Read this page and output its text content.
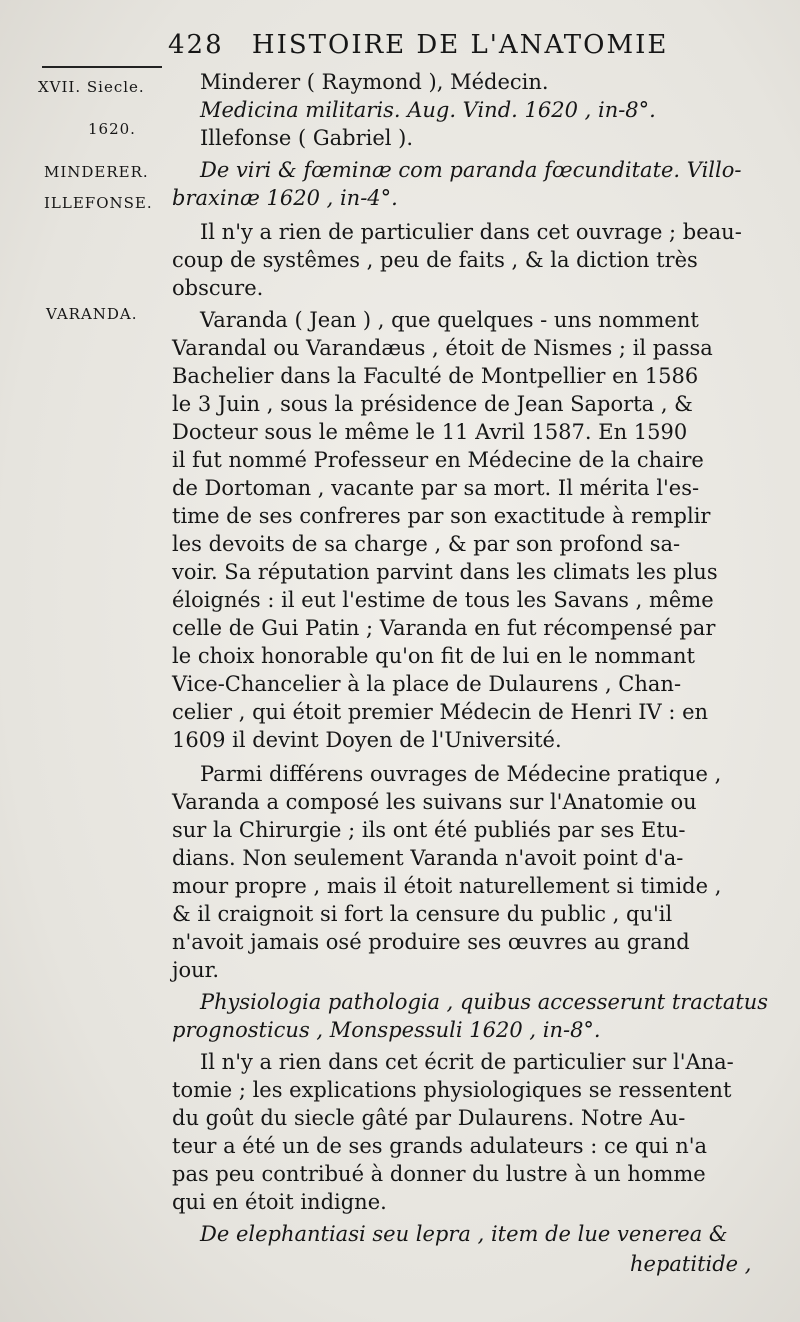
428 HISTOIRE DE L'ANATOMIE
XVII. Siecle.
1620.
MINDERER.
ILLEFONSE.
VARANDA.
Minderer ( Raymond ), Médecin.
Medicina militaris. Aug. Vind. 1620 , in-8°.
Illefonse ( Gabriel ).
De viri & fœminæ com paranda fœcunditate. Villo-
braxinæ 1620 , in-4°.
Il n'y a rien de particulier dans cet ouvrage ; beau-
coup de systêmes , peu de faits , & la diction très
obscure.
Varanda ( Jean ) , que quelques - uns nomment
Varandal ou Varandæus , étoit de Nismes ; il passa
Bachelier dans la Faculté de Montpellier en 1586
le 3 Juin , sous la présidence de Jean Saporta , &
Docteur sous le même le 11 Avril 1587. En 1590
il fut nommé Professeur en Médecine de la chaire
de Dortoman , vacante par sa mort. Il mérita l'es-
time de ses confreres par son exactitude à remplir
les devoits de sa charge , & par son profond sa-
voir. Sa réputation parvint dans les climats les plus
éloignés : il eut l'estime de tous les Savans , même
celle de Gui Patin ; Varanda en fut récompensé par
le choix honorable qu'on fit de lui en le nommant
Vice-Chancelier à la place de Dulaurens , Chan-
celier , qui étoit premier Médecin de Henri IV : en
1609 il devint Doyen de l'Université.
Parmi différens ouvrages de Médecine pratique ,
Varanda a composé les suivans sur l'Anatomie ou
sur la Chirurgie ; ils ont été publiés par ses Etu-
dians. Non seulement Varanda n'avoit point d'a-
mour propre , mais il étoit naturellement si timide ,
& il craignoit si fort la censure du public , qu'il
n'avoit jamais osé produire ses œuvres au grand
jour.
Physiologia pathologia , quibus accesserunt tractatus
prognosticus , Monspessuli 1620 , in-8°.
Il n'y a rien dans cet écrit de particulier sur l'Ana-
tomie ; les explications physiologiques se ressentent
du goût du siecle gâté par Dulaurens. Notre Au-
teur a été un de ses grands adulateurs : ce qui n'a
pas peu contribué à donner du lustre à un homme
qui en étoit indigne.
De elephantiasi seu lepra , item de lue venerea &
hepatitide ,
